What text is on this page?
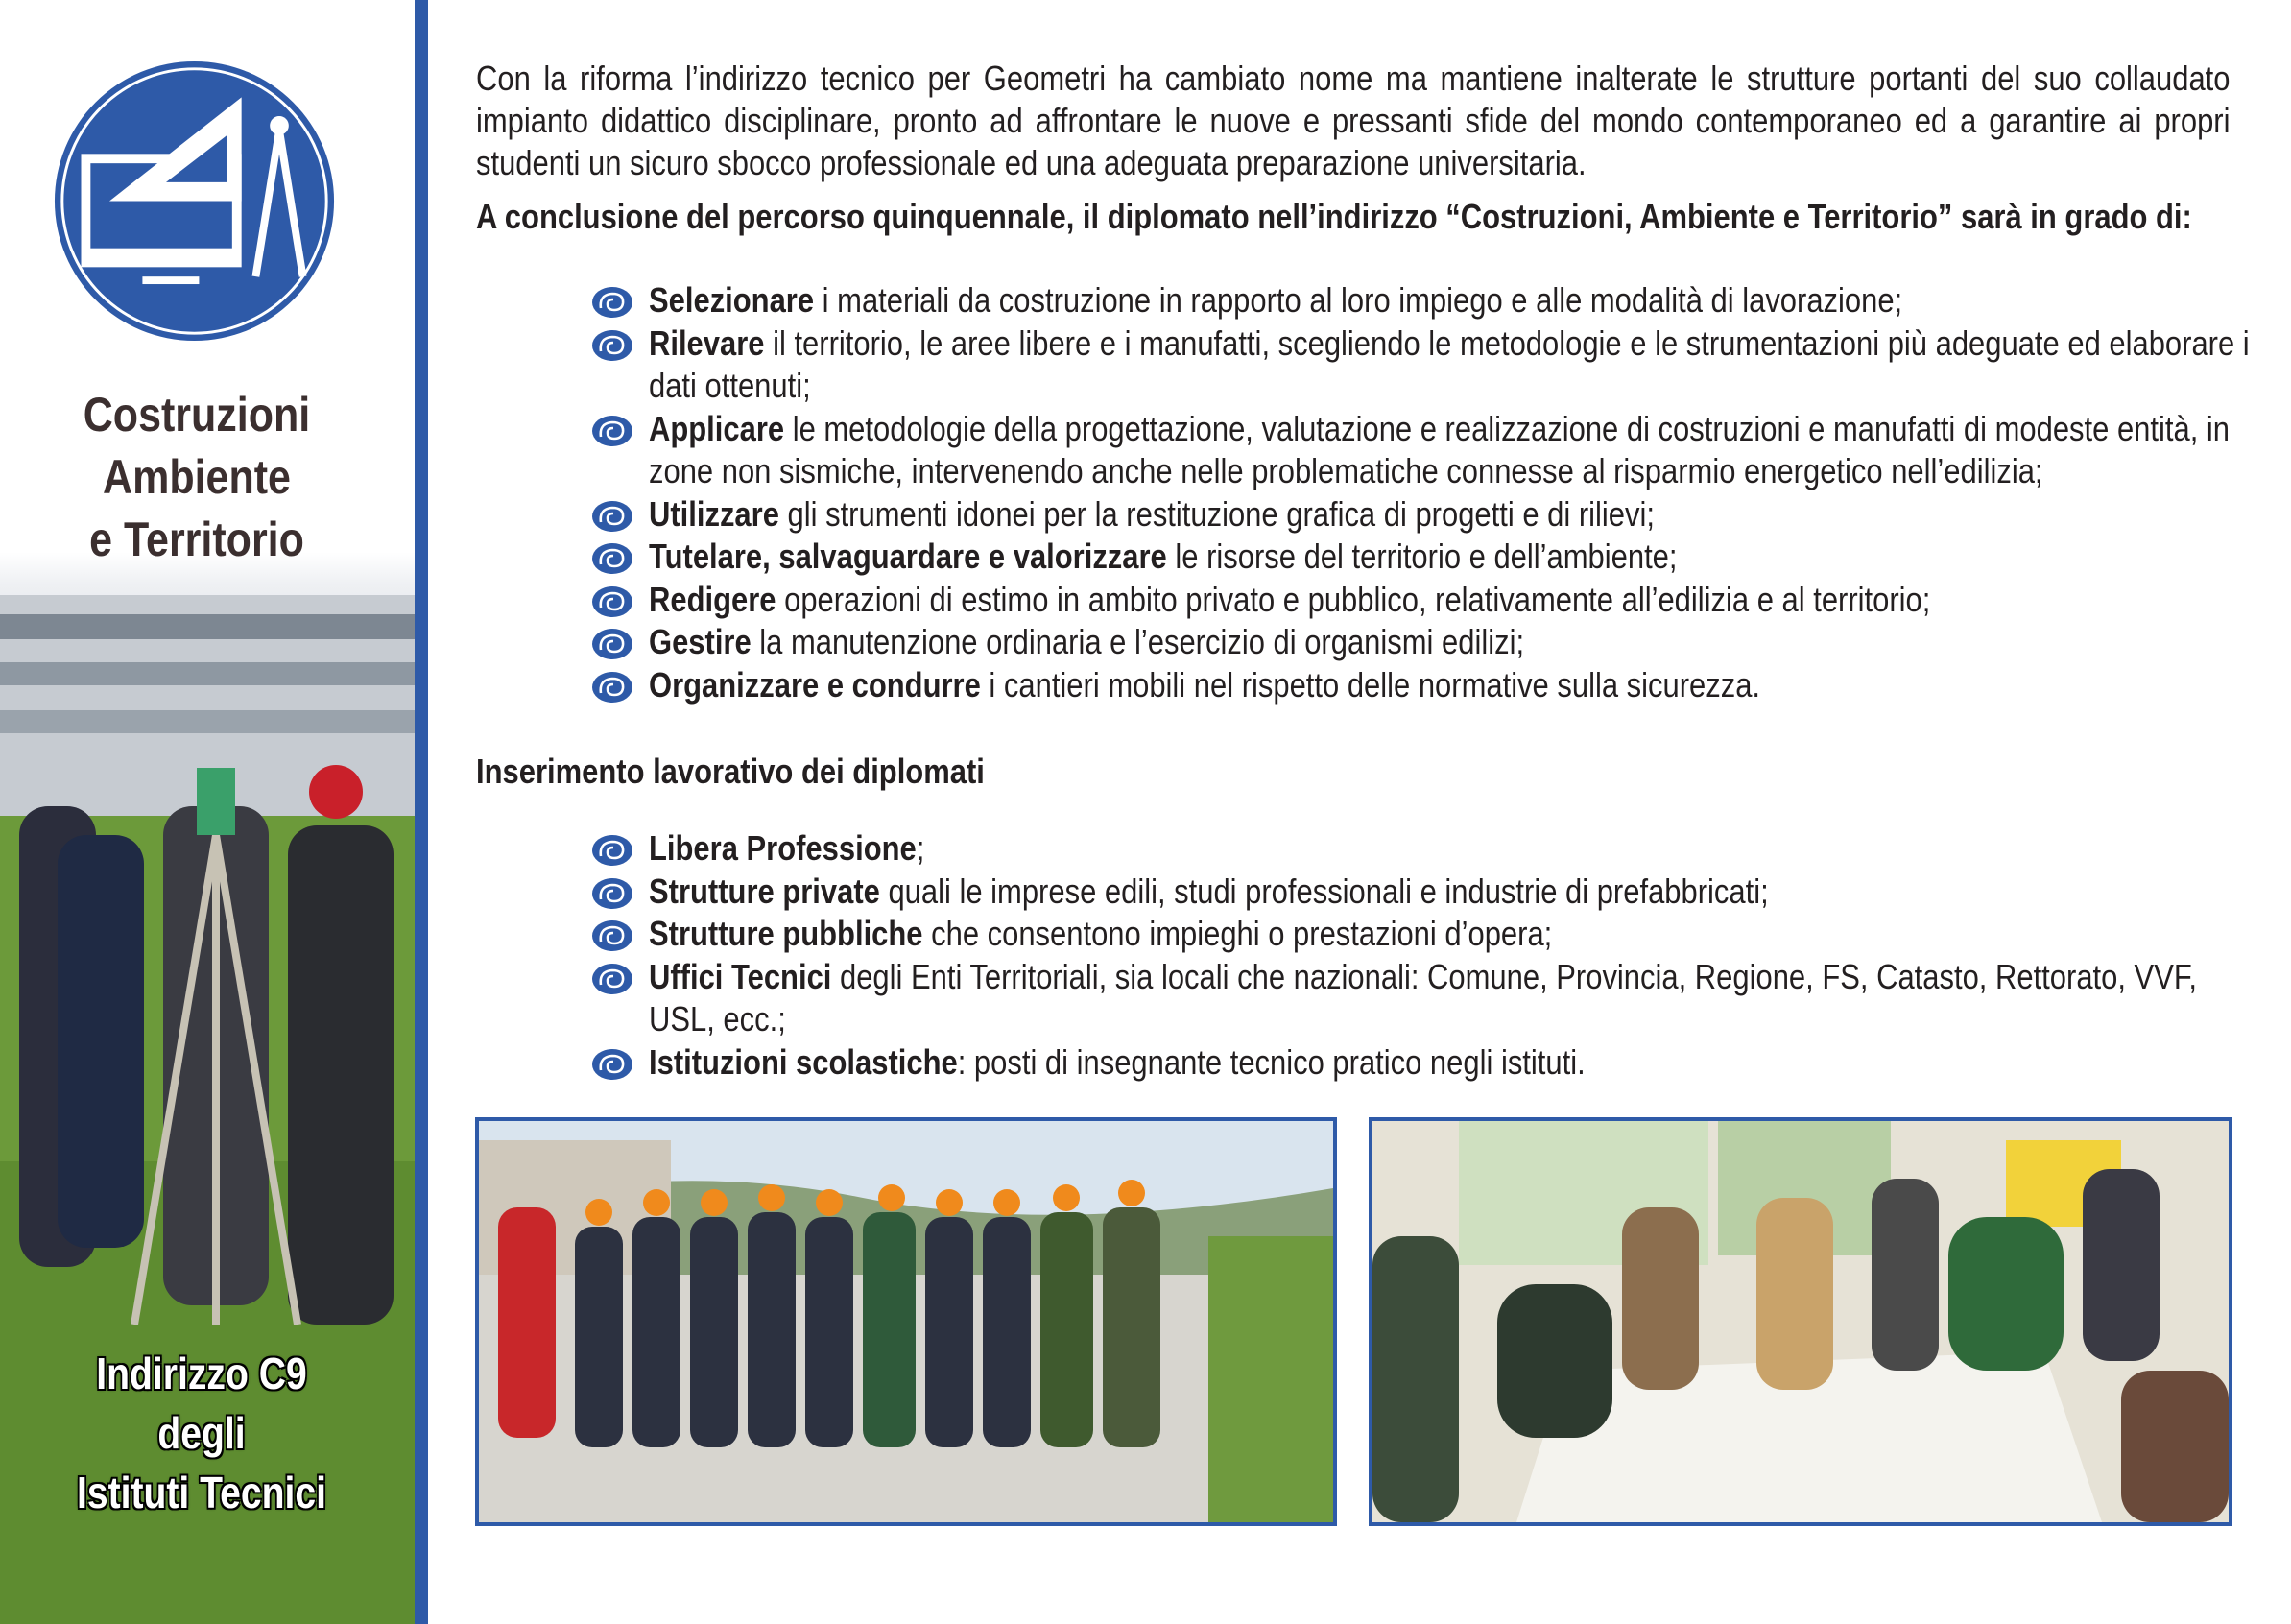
Costruzioni
Ambiente
e Territorio
Indirizzo C9
degli
Istituti Tecnici

Con la riforma l’indirizzo tecnico per Geometri ha cambiato nome ma mantiene inalterate le strutture portanti del suo collaudato impianto didattico disciplinare, pronto ad affrontare le nuove e pressanti sfide del mondo contemporaneo ed a garantire ai propri studenti un sicuro sbocco professionale ed una adeguata preparazione universitaria.

A conclusione del percorso quinquennale, il diplomato nell’indirizzo “Costruzioni, Ambiente e Territorio” sarà in grado di:

Selezionare i materiali da costruzione in rapporto al loro impiego e alle modalità di lavorazione;
Rilevare il territorio, le aree libere e i manufatti, scegliendo le metodologie e le strumentazioni più adeguate ed elaborare i dati ottenuti;
Applicare le metodologie della progettazione, valutazione e realizzazione di costruzioni e manufatti di modeste entità, in zone non sismiche, intervenendo anche nelle problematiche connesse al risparmio energetico nell’edilizia;
Utilizzare gli strumenti idonei per la restituzione grafica di progetti e di rilievi;
Tutelare, salvaguardare e valorizzare le risorse del territorio e dell’ambiente;
Redigere operazioni di estimo in ambito privato e pubblico, relativamente all’edilizia e al territorio;
Gestire la manutenzione ordinaria e l’esercizio di organismi edilizi;
Organizzare e condurre i cantieri mobili nel rispetto delle normative sulla sicurezza.

Inserimento lavorativo dei diplomati

Libera Professione;
Strutture private quali le imprese edili, studi professionali e industrie di prefabbricati;
Strutture pubbliche che consentono impieghi o prestazioni d’opera;
Uffici Tecnici degli Enti Territoriali, sia locali che nazionali: Comune, Provincia, Regione, FS, Catasto, Rettorato, VVF, USL, ecc.;
Istituzioni scolastiche: posti di insegnante tecnico pratico negli istituti.
